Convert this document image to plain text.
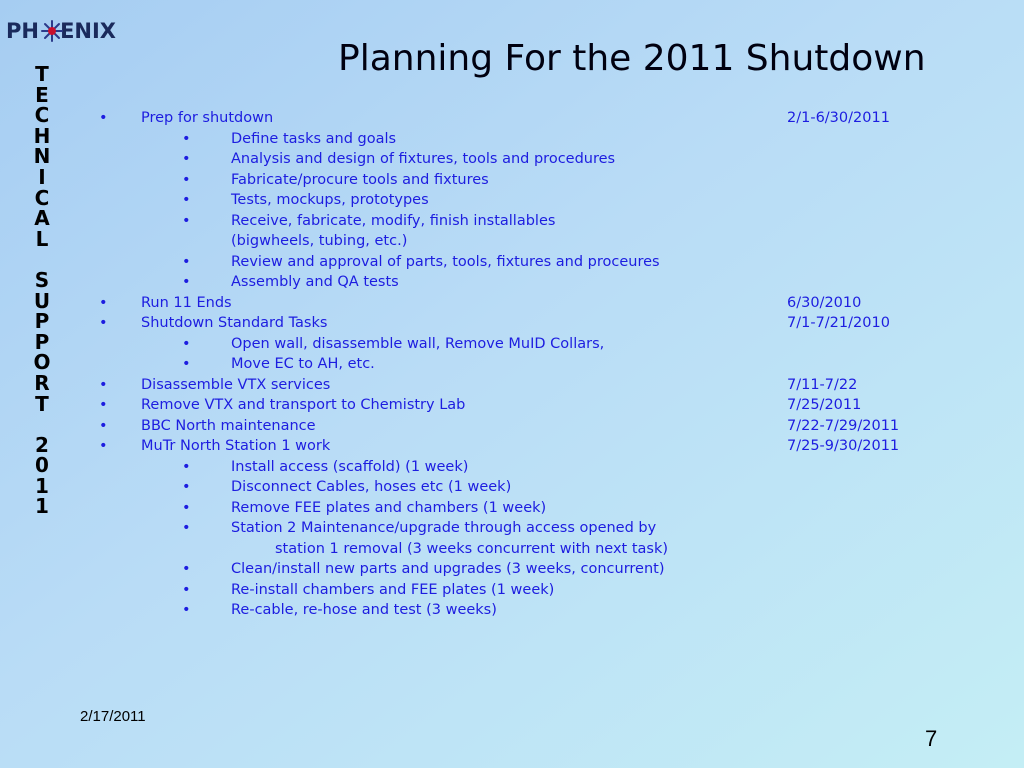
PH ENIX
T
E
C
H
N
I
C
A
L
S
U
P
P
O
R
T
2
0
1
1
Planning For the 2011 Shutdown
• Prep for shutdown	2/1-6/30/2011
•	Define tasks and goals
•	Analysis and design of fixtures, tools and procedures
•	Fabricate/procure tools and fixtures
•	Tests, mockups, prototypes
•	Receive, fabricate, modify, finish installables
(bigwheels, tubing, etc.)
•	Review and approval of parts, tools, fixtures and proceures
•	Assembly and QA tests
• Run 11 Ends	6/30/2010
• Shutdown Standard Tasks	7/1-7/21/2010
•	Open wall, disassemble wall, Remove MuID Collars,
•	Move EC to AH, etc.
• Disassemble VTX services	7/11-7/22
• Remove VTX and transport to Chemistry Lab	7/25/2011
• BBC North maintenance	7/22-7/29/2011
• MuTr North Station 1 work	7/25-9/30/2011
•	Install access (scaffold) (1 week)
•	Disconnect Cables, hoses etc (1 week)
•	Remove FEE plates and chambers (1 week)
•	Station 2 Maintenance/upgrade through access opened by
station 1 removal (3 weeks concurrent with next task)
•	Clean/install new parts and upgrades (3 weeks, concurrent)
•	Re-install chambers and FEE plates (1 week)
•	Re-cable, re-hose and test (3 weeks)
2/17/2011
7
